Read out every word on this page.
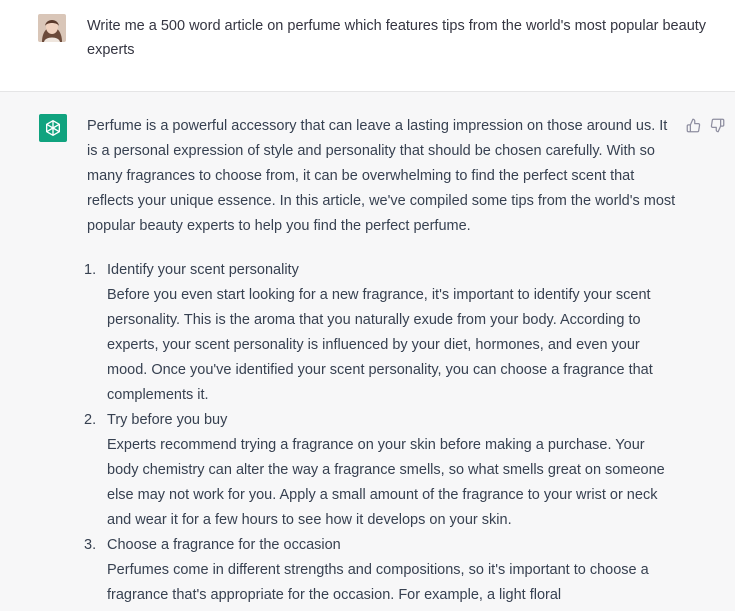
Write me a 500 word article on perfume which features tips from the world's most popular beauty experts

Perfume is a powerful accessory that can leave a lasting impression on those around us. It is a personal expression of style and personality that should be chosen carefully. With so many fragrances to choose from, it can be overwhelming to find the perfect scent that reflects your unique essence. In this article, we've compiled some tips from the world's most popular beauty experts to help you find the perfect perfume.

1. Identify your scent personality
Before you even start looking for a new fragrance, it's important to identify your scent personality. This is the aroma that you naturally exude from your body. According to experts, your scent personality is influenced by your diet, hormones, and even your mood. Once you've identified your scent personality, you can choose a fragrance that complements it.
2. Try before you buy
Experts recommend trying a fragrance on your skin before making a purchase. Your body chemistry can alter the way a fragrance smells, so what smells great on someone else may not work for you. Apply a small amount of the fragrance to your wrist or neck and wear it for a few hours to see how it develops on your skin.
3. Choose a fragrance for the occasion
Perfumes come in different strengths and compositions, so it's important to choose a fragrance that's appropriate for the occasion. For example, a light floral
